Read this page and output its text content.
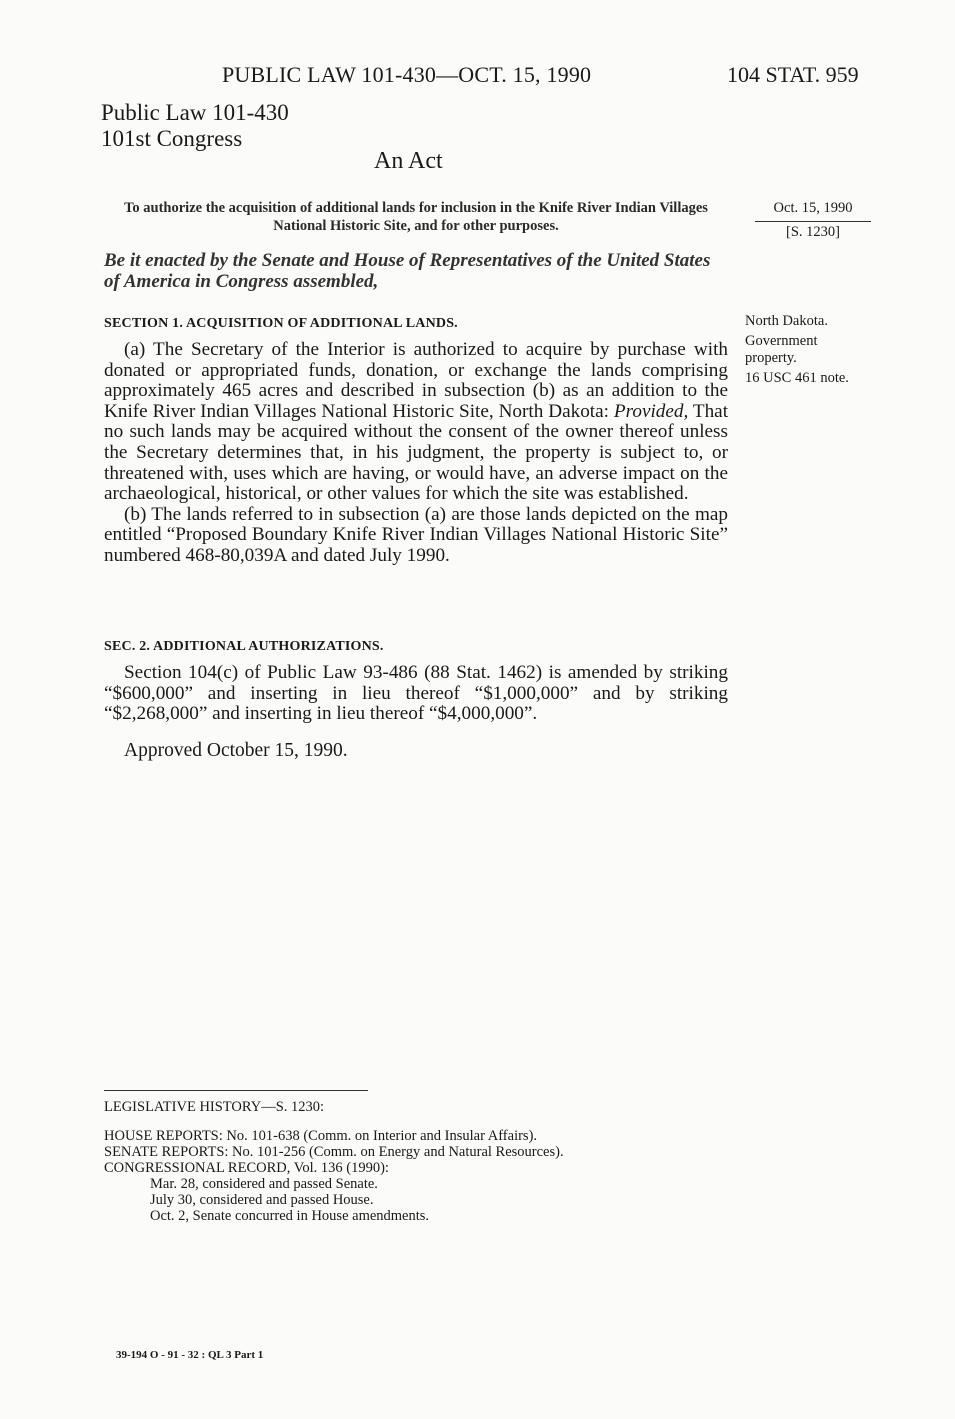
PUBLIC LAW 101-430—OCT. 15, 1990	104 STAT. 959
Public Law 101-430
101st Congress
An Act
To authorize the acquisition of additional lands for inclusion in the Knife River Indian Villages National Historic Site, and for other purposes.
Oct. 15, 1990
[S. 1230]
Be it enacted by the Senate and House of Representatives of the United States of America in Congress assembled,
SECTION 1. ACQUISITION OF ADDITIONAL LANDS.

(a) The Secretary of the Interior is authorized to acquire by purchase with donated or appropriated funds, donation, or exchange the lands comprising approximately 465 acres and described in subsection (b) as an addition to the Knife River Indian Villages National Historic Site, North Dakota: Provided, That no such lands may be acquired without the consent of the owner thereof unless the Secretary determines that, in his judgment, the property is subject to, or threatened with, uses which are having, or would have, an adverse impact on the archaeological, historical, or other values for which the site was established.

(b) The lands referred to in subsection (a) are those lands depicted on the map entitled “Proposed Boundary Knife River Indian Villages National Historic Site” numbered 468-80,039A and dated July 1990.

North Dakota.
Government property.
16 USC 461 note.
SEC. 2. ADDITIONAL AUTHORIZATIONS.

Section 104(c) of Public Law 93-486 (88 Stat. 1462) is amended by striking “$600,000” and inserting in lieu thereof “$1,000,000” and by striking “$2,268,000” and inserting in lieu thereof “$4,000,000”.

Approved October 15, 1990.
LEGISLATIVE HISTORY—S. 1230:
HOUSE REPORTS: No. 101-638 (Comm. on Interior and Insular Affairs).
SENATE REPORTS: No. 101-256 (Comm. on Energy and Natural Resources).
CONGRESSIONAL RECORD, Vol. 136 (1990):
Mar. 28, considered and passed Senate.
July 30, considered and passed House.
Oct. 2, Senate concurred in House amendments.
39-194 O - 91 - 32 : QL 3 Part 1
